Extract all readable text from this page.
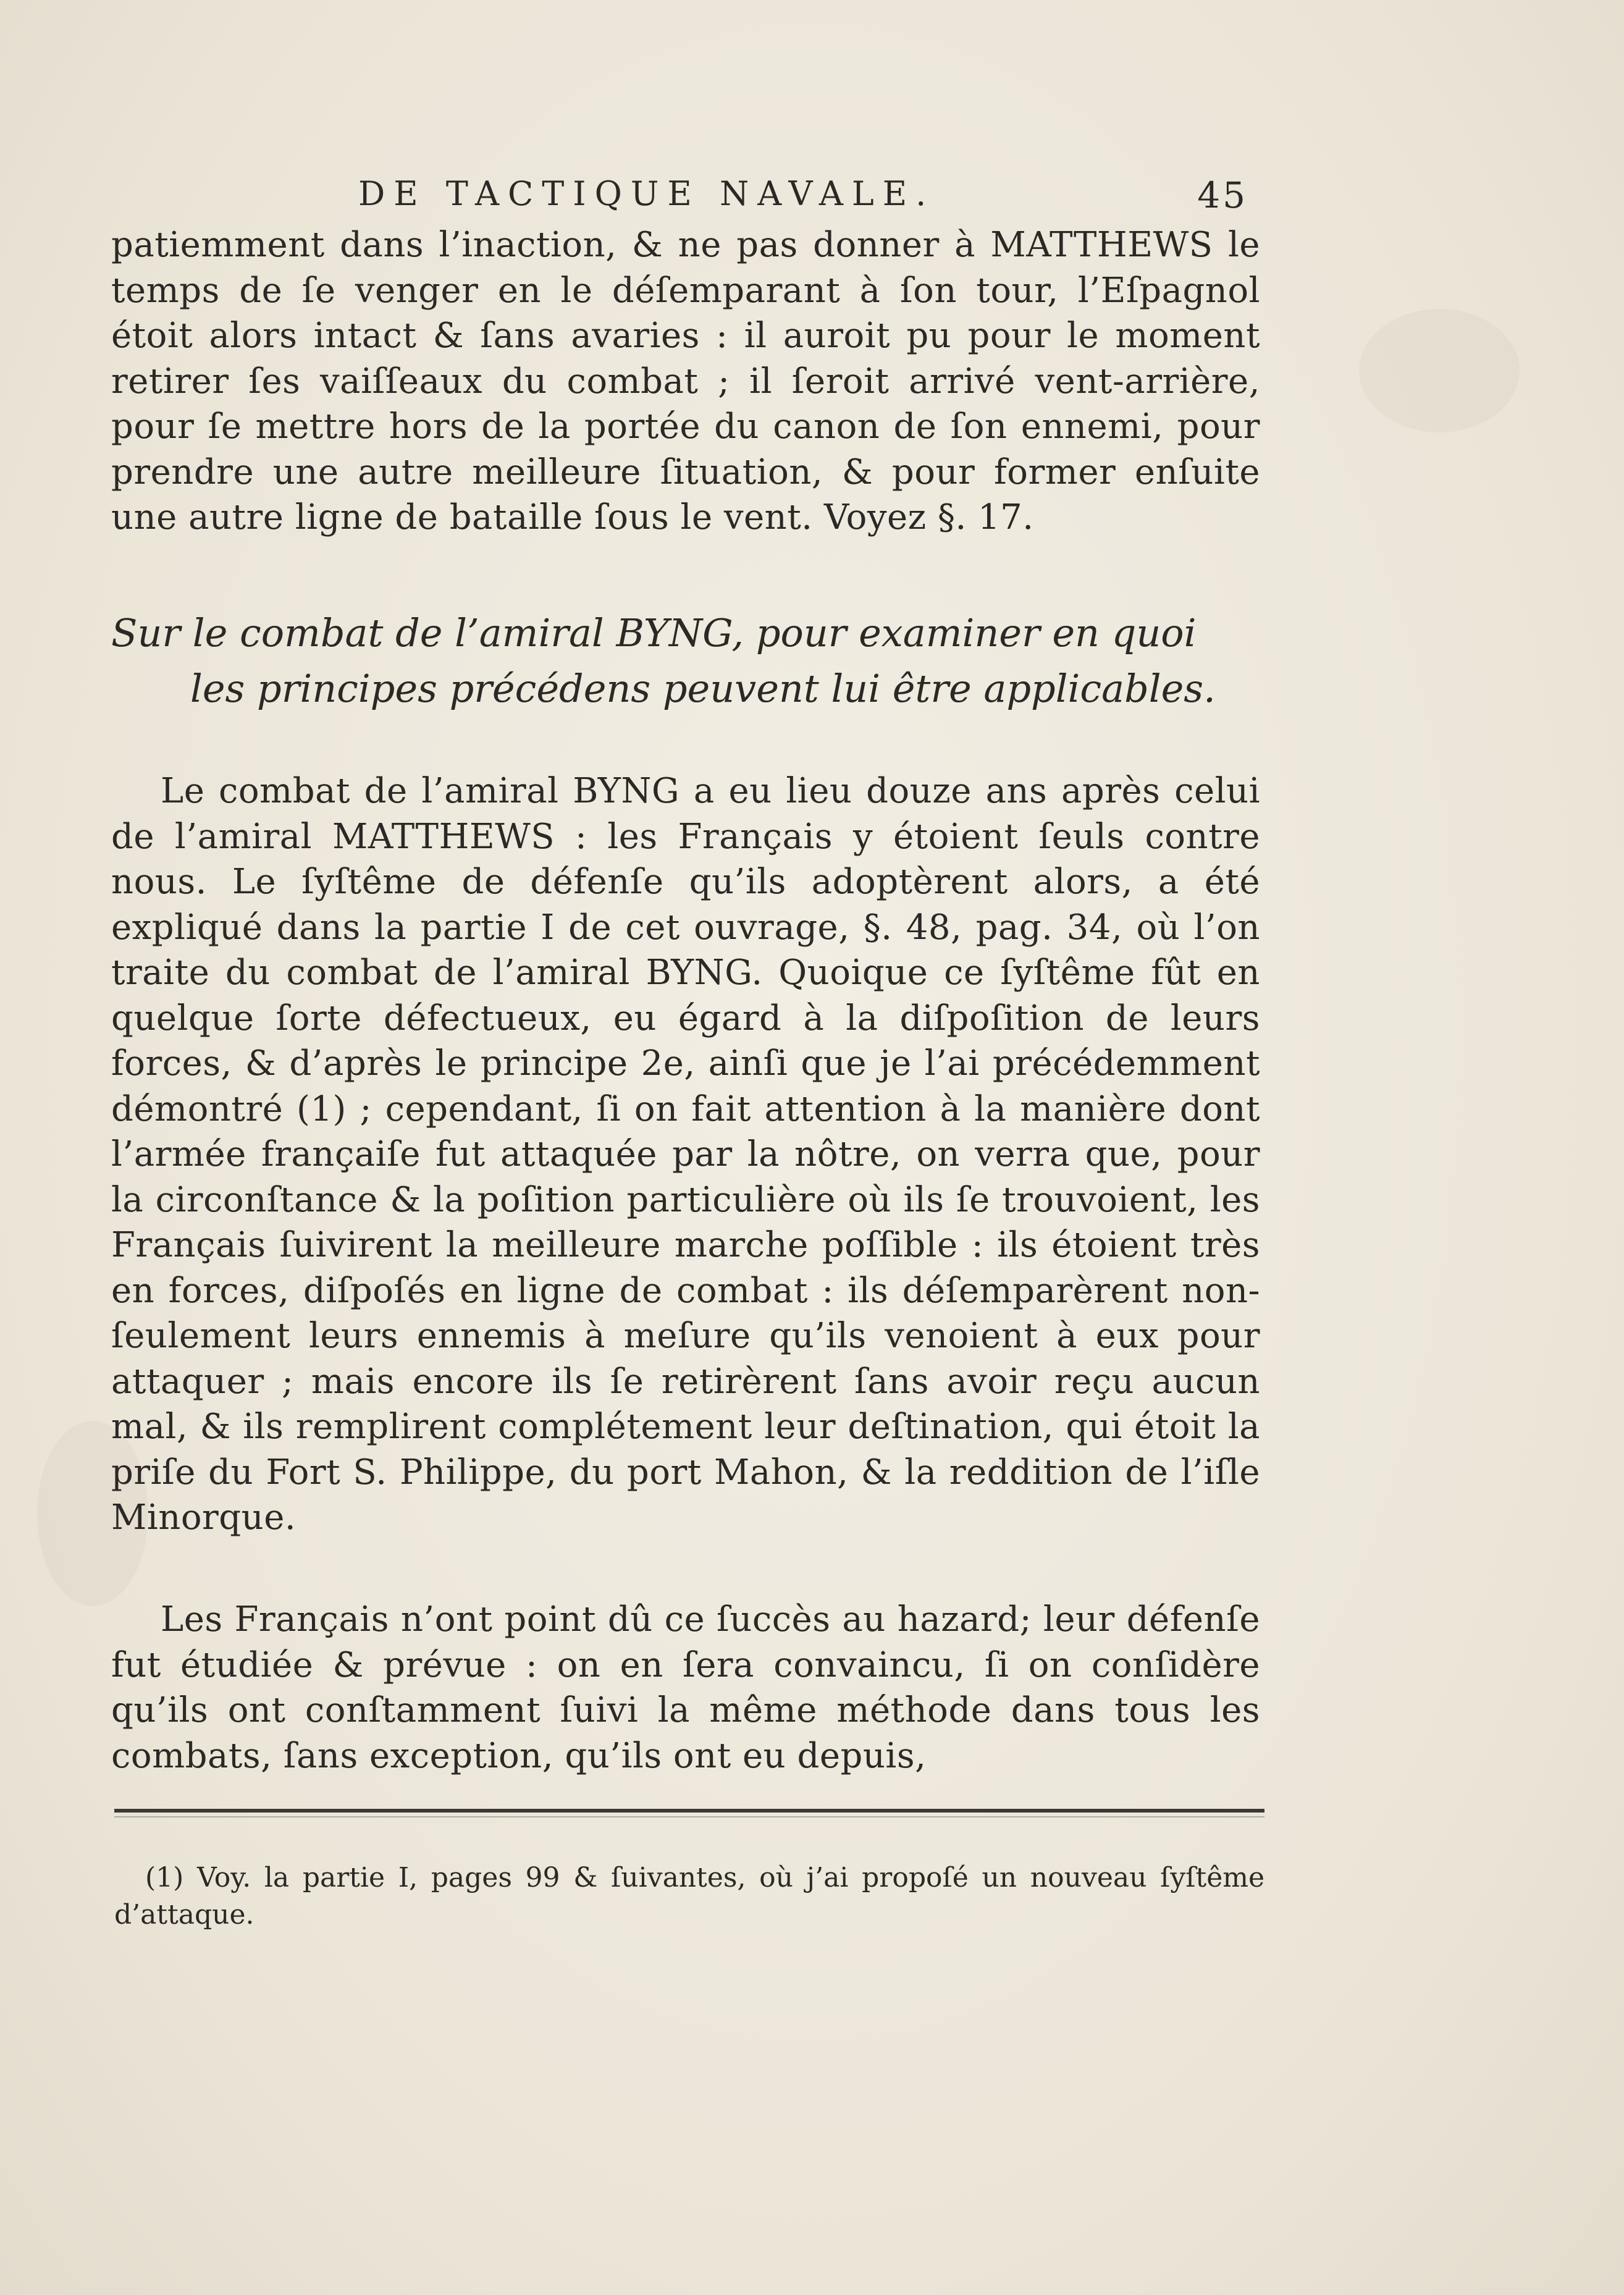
DE TACTIQUE NAVALE.	45

patiemment dans l’inaction, & ne pas donner à MATTHEWS le temps de ſe venger en le déſemparant à ſon tour, l’Eſpagnol étoit alors intact & ſans avaries : il auroit pu pour le moment retirer ſes vaiſſeaux du combat ; il ſeroit arrivé vent-arrière, pour ſe mettre hors de la portée du canon de ſon ennemi, pour prendre une autre meilleure ſituation, & pour former enſuite une autre ligne de bataille ſous le vent. Voyez §. 17.

Sur le combat de l’amiral BYNG, pour examiner en quoi
les principes précédens peuvent lui être applicables.

Le combat de l’amiral BYNG a eu lieu douze ans après celui de l’amiral MATTHEWS : les Français y étoient ſeuls contre nous. Le ſyſtême de défenſe qu’ils adoptèrent alors, a été expliqué dans la partie I de cet ouvrage, §. 48, pag. 34, où l’on traite du combat de l’amiral BYNG. Quoique ce ſyſtême fût en quelque ſorte défectueux, eu égard à la diſpoſition de leurs forces, & d’après le principe 2e, ainſi que je l’ai précédemment démontré (1) ; cependant, ſi on fait attention à la manière dont l’armée françaiſe fut attaquée par la nôtre, on verra que, pour la circonſtance & la poſition particulière où ils ſe trouvoient, les Français ſuivirent la meilleure marche poſſible : ils étoient très en forces, diſpoſés en ligne de combat : ils déſemparèrent non-ſeulement leurs ennemis à meſure qu’ils venoient à eux pour attaquer ; mais encore ils ſe retirèrent ſans avoir reçu aucun mal, & ils remplirent complétement leur deſtination, qui étoit la priſe du Fort S. Philippe, du port Mahon, & la reddition de l’iſle Minorque.

Les Français n’ont point dû ce ſuccès au hazard; leur défenſe fut étudiée & prévue : on en ſera convaincu, ſi on conſidère qu’ils ont conſtamment ſuivi la même méthode dans tous les combats, ſans exception, qu’ils ont eu depuis,

(1) Voy. la partie I, pages 99 & ſuivantes, où j’ai propoſé un nouveau ſyſtême d’attaque.
